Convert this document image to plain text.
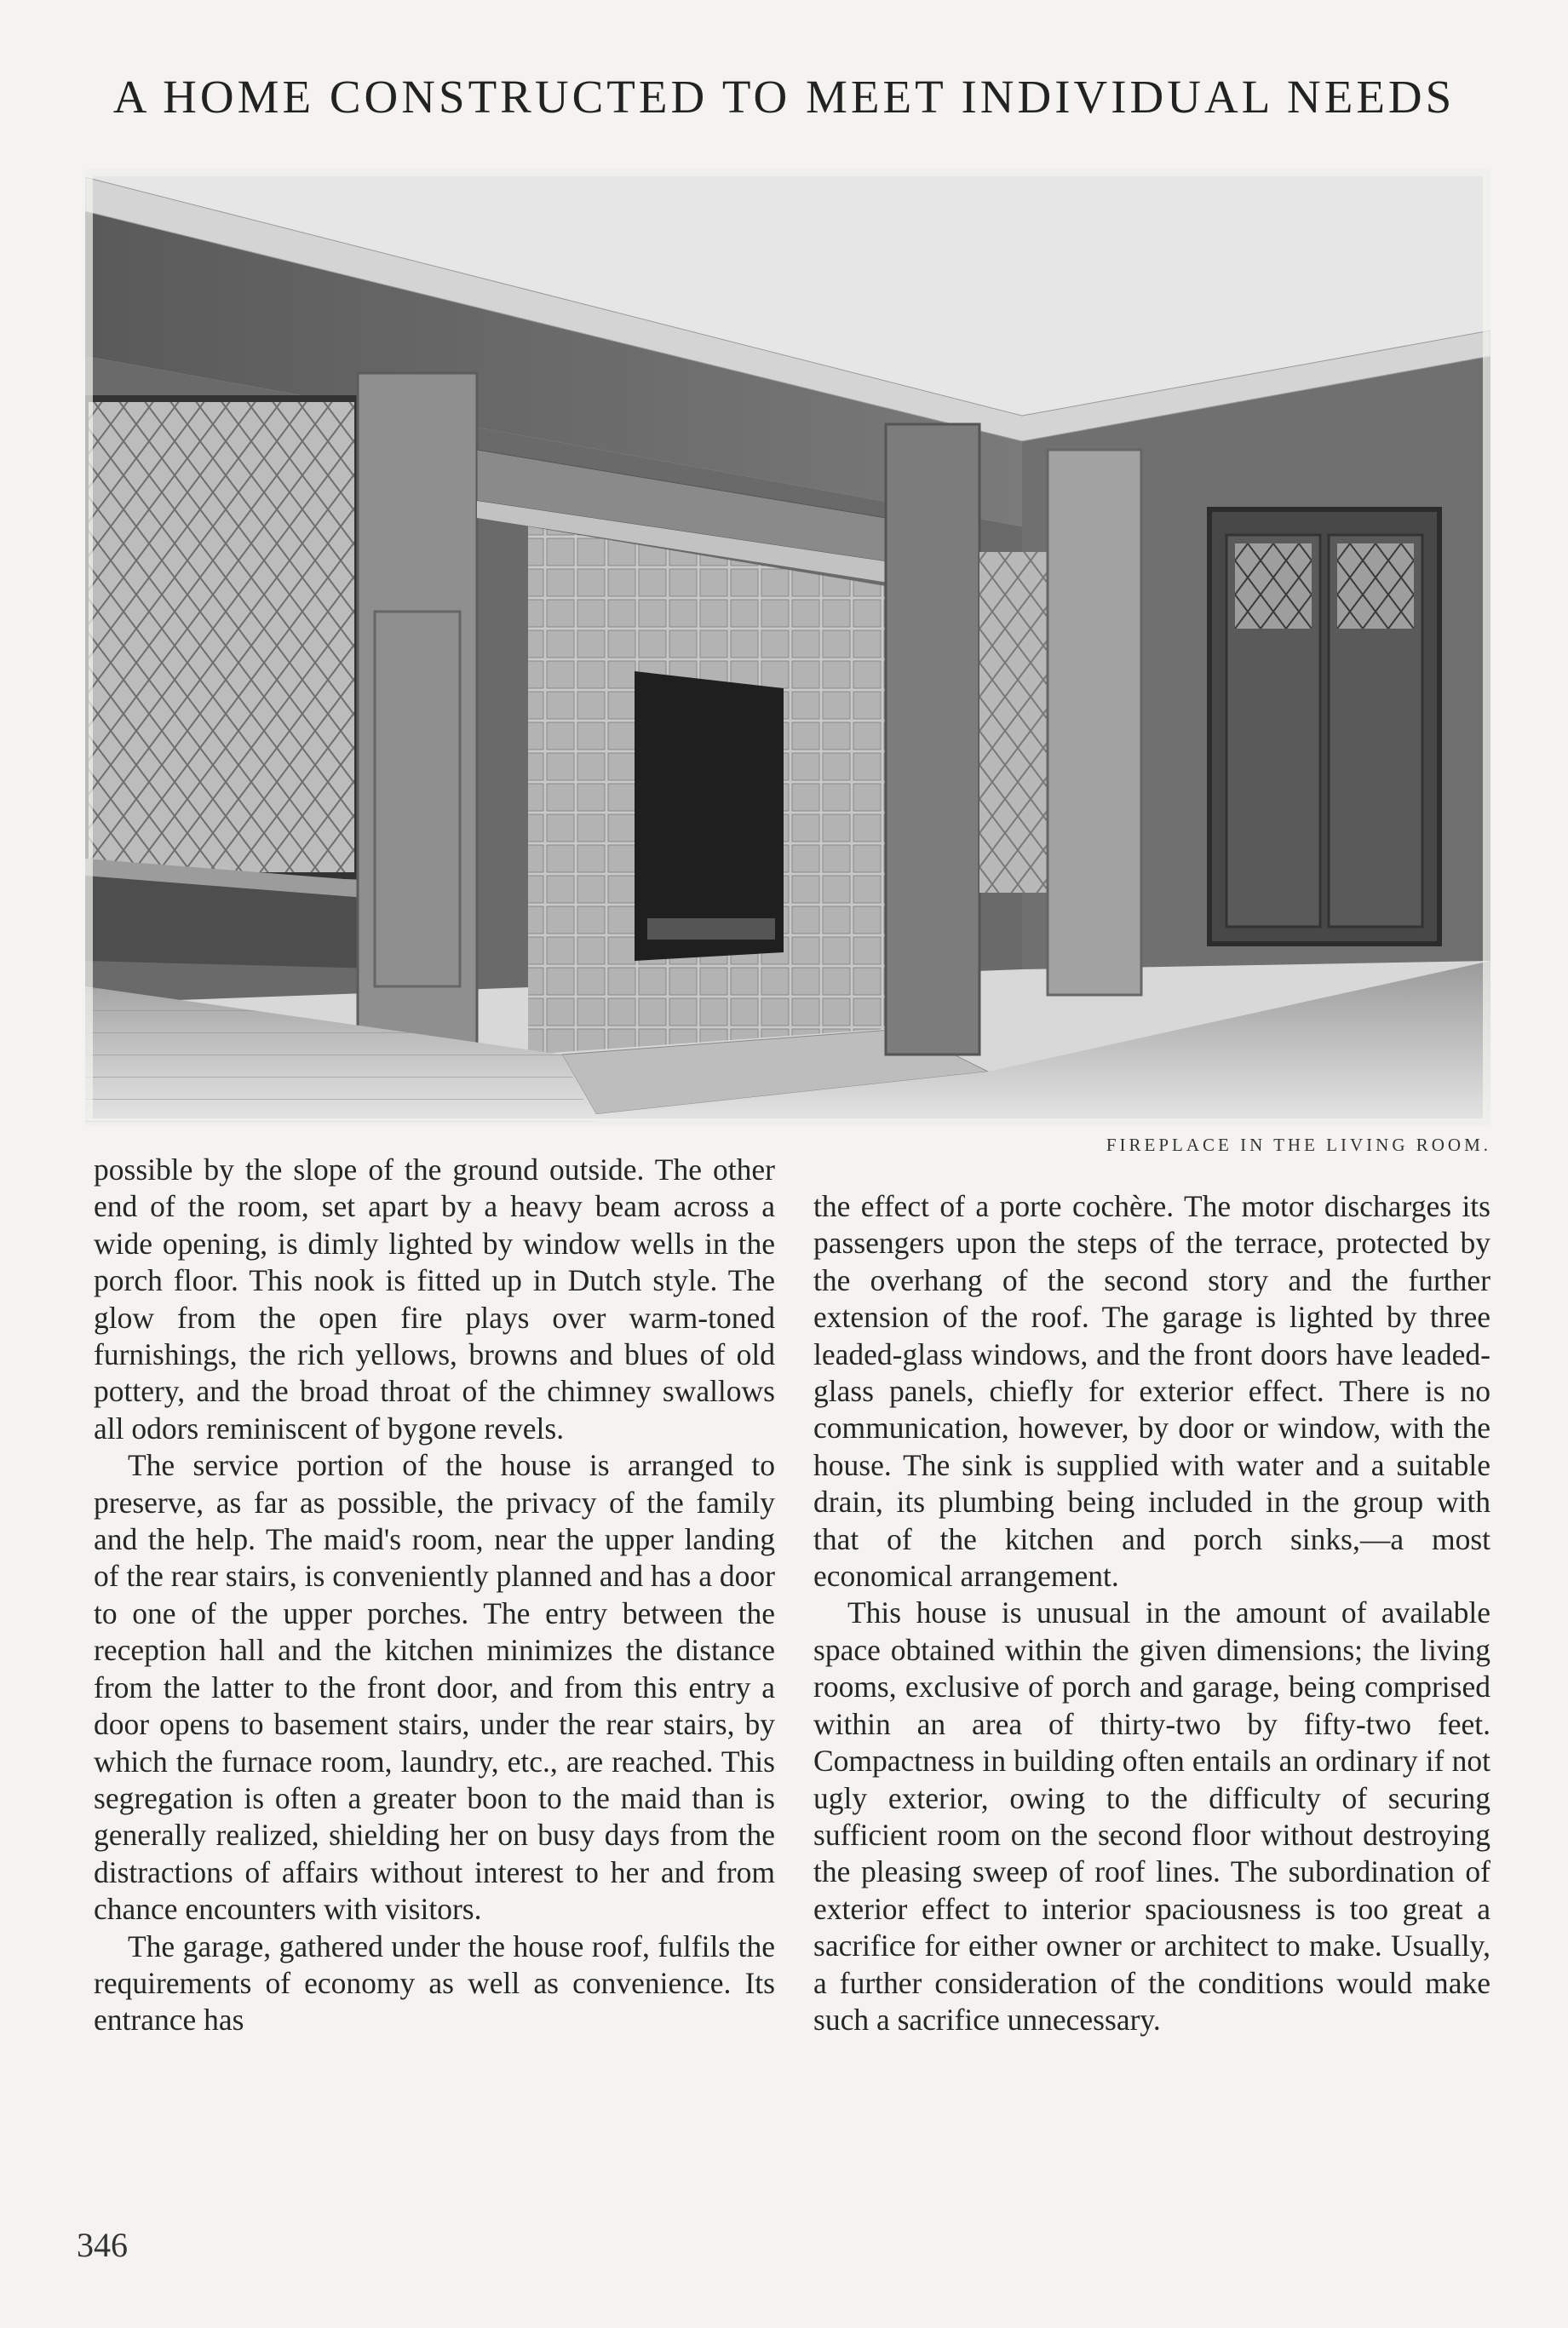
A HOME CONSTRUCTED TO MEET INDIVIDUAL NEEDS
FIREPLACE IN THE LIVING ROOM.

possible by the slope of the ground outside. The other end of the room, set apart by a heavy beam across a wide opening, is dimly lighted by window wells in the porch floor. This nook is fitted up in Dutch style. The glow from the open fire plays over warm-toned furnishings, the rich yellows, browns and blues of old pottery, and the broad throat of the chimney swallows all odors reminiscent of bygone revels.

The service portion of the house is arranged to preserve, as far as possible, the privacy of the family and the help. The maid's room, near the upper landing of the rear stairs, is conveniently planned and has a door to one of the upper porches. The entry between the reception hall and the kitchen minimizes the distance from the latter to the front door, and from this entry a door opens to basement stairs, under the rear stairs, by which the furnace room, laundry, etc., are reached. This segregation is often a greater boon to the maid than is generally realized, shielding her on busy days from the distractions of affairs without interest to her and from chance encounters with visitors.

The garage, gathered under the house roof, fulfils the requirements of economy as well as convenience. Its entrance has

the effect of a porte cochère. The motor discharges its passengers upon the steps of the terrace, protected by the overhang of the second story and the further extension of the roof. The garage is lighted by three leaded-glass windows, and the front doors have leaded-glass panels, chiefly for exterior effect. There is no communication, however, by door or window, with the house. The sink is supplied with water and a suitable drain, its plumbing being included in the group with that of the kitchen and porch sinks,—a most economical arrangement.

This house is unusual in the amount of available space obtained within the given dimensions; the living rooms, exclusive of porch and garage, being comprised within an area of thirty-two by fifty-two feet. Compactness in building often entails an ordinary if not ugly exterior, owing to the difficulty of securing sufficient room on the second floor without destroying the pleasing sweep of roof lines. The subordination of exterior effect to interior spaciousness is too great a sacrifice for either owner or architect to make. Usually, a further consideration of the conditions would make such a sacrifice unnecessary.

346
